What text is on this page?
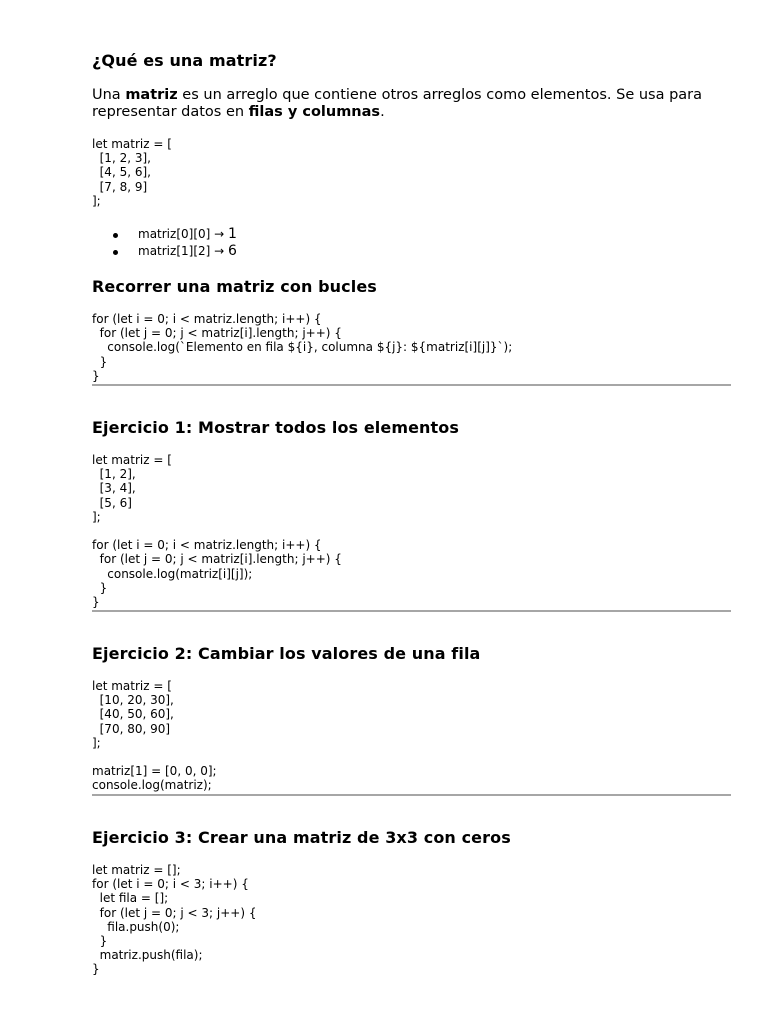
¿Qué es una matriz?

Una matriz es un arreglo que contiene otros arreglos como elementos. Se usa para representar datos en filas y columnas.

let matriz = [
[1, 2, 3],
[4, 5, 6],
[7, 8, 9]
];
matriz[0][0] → 1
matriz[1][2] → 6
Recorrer una matriz con bucles
for (let i = 0; i < matriz.length; i++) {
for (let j = 0; j < matriz[i].length; j++) {
console.log(`Elemento en fila ${i}, columna ${j}: ${matriz[i][j]}`);
}
}
Ejercicio 1: Mostrar todos los elementos
let matriz = [
[1, 2],
[3, 4],
[5, 6]
];

for (let i = 0; i < matriz.length; i++) {
for (let j = 0; j < matriz[i].length; j++) {
console.log(matriz[i][j]);
}
}
Ejercicio 2: Cambiar los valores de una fila
let matriz = [
[10, 20, 30],
[40, 50, 60],
[70, 80, 90]
];

matriz[1] = [0, 0, 0];
console.log(matriz);
Ejercicio 3: Crear una matriz de 3x3 con ceros
let matriz = [];
for (let i = 0; i < 3; i++) {
let fila = [];
for (let j = 0; j < 3; j++) {
fila.push(0);
}
matriz.push(fila);
}
